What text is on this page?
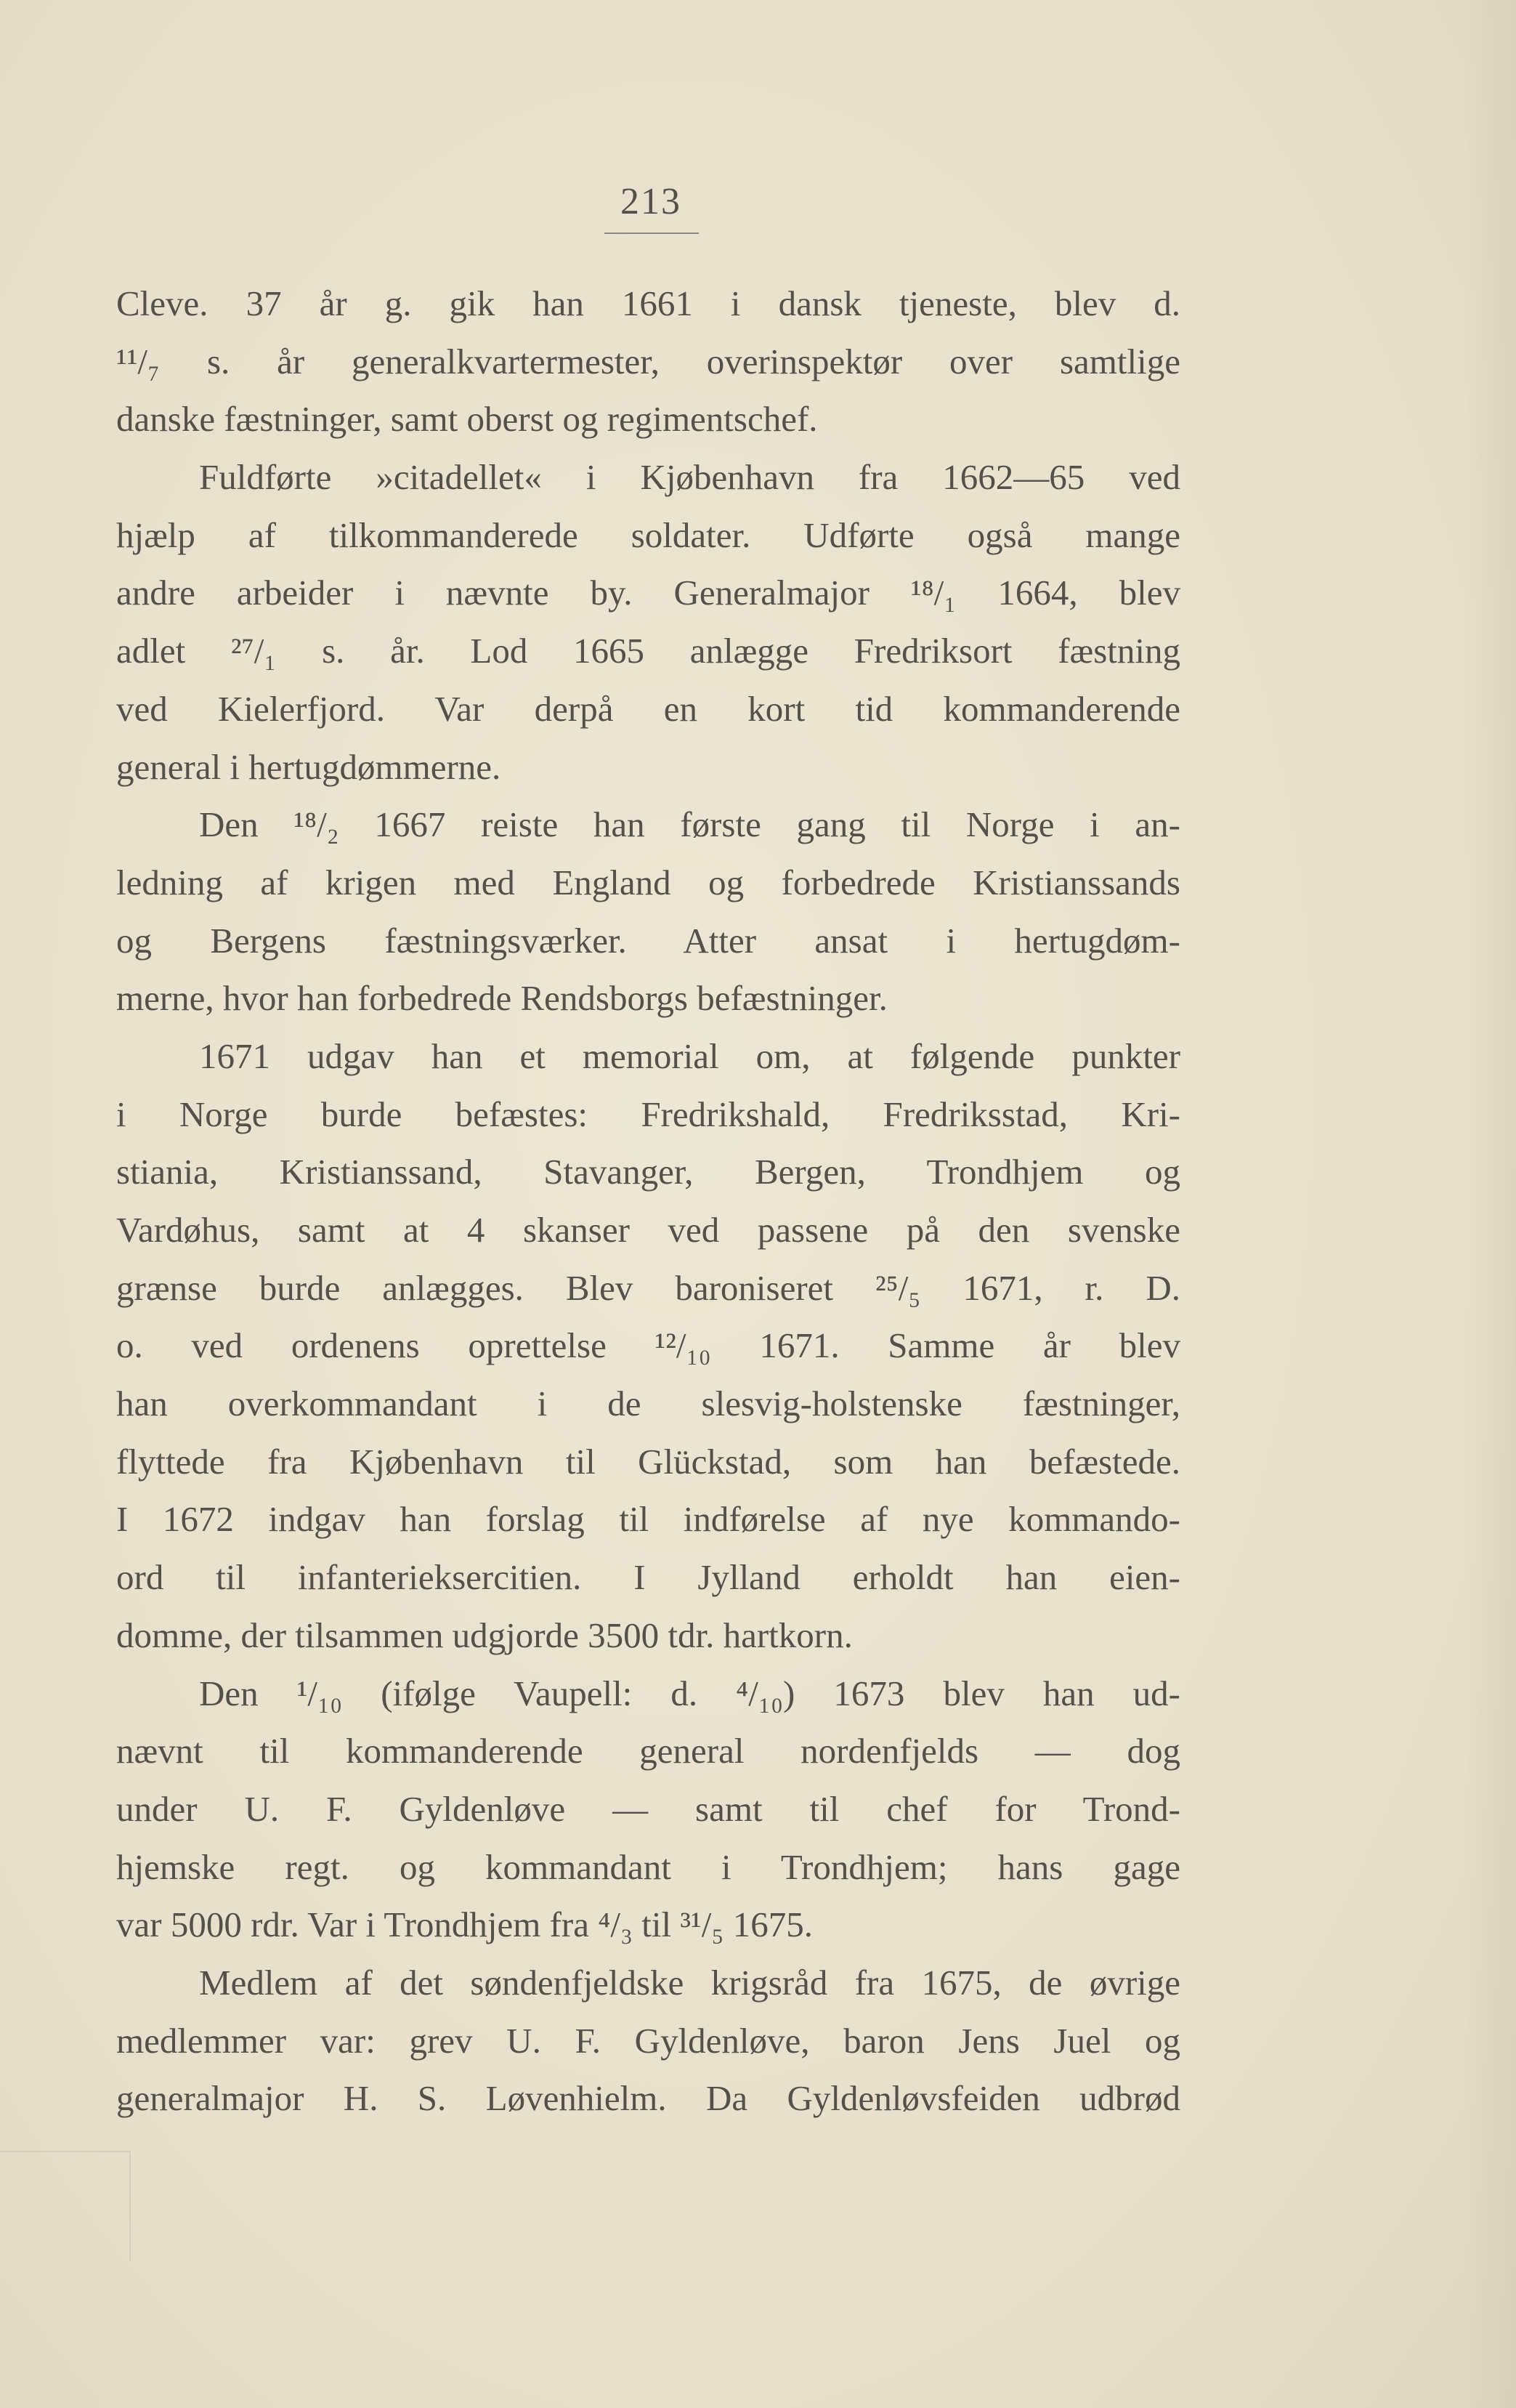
213
Cleve. 37 år g. gik han 1661 i dansk tjeneste, blev d.
¹¹/₇ s. år generalkvartermester, overinspektør over samtlige
danske fæstninger, samt oberst og regimentschef.
Fuldførte »citadellet« i Kjøbenhavn fra 1662—65 ved
hjælp af tilkommanderede soldater. Udførte også mange
andre arbeider i nævnte by. Generalmajor ¹⁸/₁ 1664, blev
adlet ²⁷/₁ s. år. Lod 1665 anlægge Fredriksort fæstning
ved Kielerfjord. Var derpå en kort tid kommanderende
general i hertugdømmerne.
Den ¹⁸/₂ 1667 reiste han første gang til Norge i an-
ledning af krigen med England og forbedrede Kristianssands
og Bergens fæstningsværker. Atter ansat i hertugdøm-
merne, hvor han forbedrede Rendsborgs befæstninger.
1671 udgav han et memorial om, at følgende punkter
i Norge burde befæstes: Fredrikshald, Fredriksstad, Kri-
stiania, Kristianssand, Stavanger, Bergen, Trondhjem og
Vardøhus, samt at 4 skanser ved passene på den svenske
grænse burde anlægges. Blev baroniseret ²⁵/₅ 1671, r. D.
o. ved ordenens oprettelse ¹²/₁₀ 1671. Samme år blev
han overkommandant i de slesvig-holstenske fæstninger,
flyttede fra Kjøbenhavn til Glückstad, som han befæstede.
I 1672 indgav han forslag til indførelse af nye kommando-
ord til infanterieksercitien. I Jylland erholdt han eien-
domme, der tilsammen udgjorde 3500 tdr. hartkorn.
Den ¹/₁₀ (ifølge Vaupell: d. ⁴/₁₀) 1673 blev han ud-
nævnt til kommanderende general nordenfjelds — dog
under U. F. Gyldenløve — samt til chef for Trond-
hjemske regt. og kommandant i Trondhjem; hans gage
var 5000 rdr. Var i Trondhjem fra ⁴/₃ til ³¹/₅ 1675.
Medlem af det søndenfjeldske krigsråd fra 1675, de øvrige
medlemmer var: grev U. F. Gyldenløve, baron Jens Juel og
generalmajor H. S. Løvenhielm. Da Gyldenløvsfeiden udbrød
